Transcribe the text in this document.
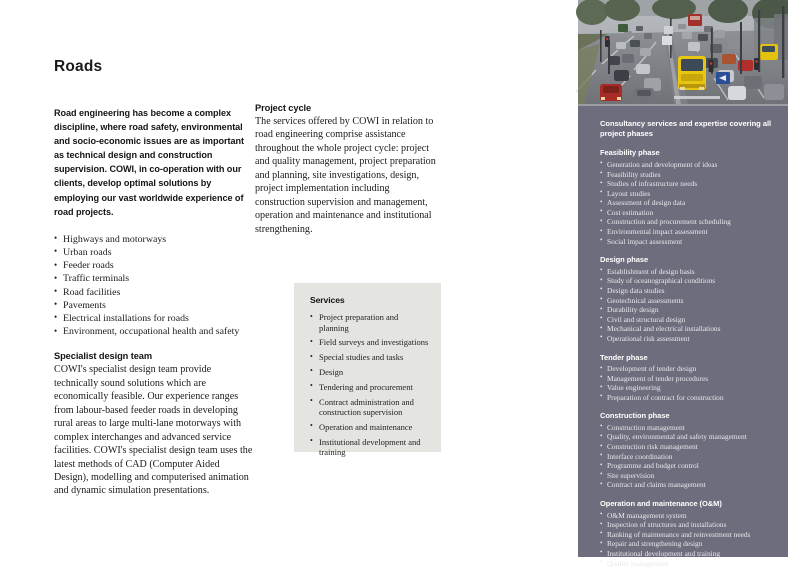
Roads

Road engineering has become a complex discipline, where road safety, environmental and socio-economic issues are as important as technical design and construction supervision. COWI, in co-operation with our clients, develop optimal solutions by employing our vast worldwide experience of road projects.

• Highways and motorways
• Urban roads
• Feeder roads
• Traffic terminals
• Road facilities
• Pavements
• Electrical installations for roads
• Environment, occupational health and safety
Specialist design team

COWI's specialist design team provide technically sound solutions which are economically feasible. Our experience ranges from labour-based feeder roads in developing rural areas to large multi-lane motorways with complex interchanges and advanced service facilities. COWI's specialist design team uses the latest methods of CAD (Computer Aided Design), modelling and computerised animation and dynamic simulation presentations.

Project cycle

The services offered by COWI in relation to road engineering comprise assistance throughout the whole project cycle: project and quality management, project preparation and planning, site investigations, design, project implementation including construction supervision and management, operation and maintenance and institutional strengthening.

Services
• Project preparation and planning
• Field surveys and investigations
• Special studies and tasks
• Design
• Tendering and procurement
• Contract administration and construction supervision
• Operation and maintenance
• Institutional development and training
Consultancy services and expertise covering all project phases
Feasibility phase
• Generation and development of ideas
• Feasibility studies
• Studies of infrastructure needs
• Layout studies
• Assessment of design data
• Cost estimation
• Construction and procurement scheduling
• Environmental impact assessment
• Social impact assessment
Design phase
• Establishment of design basis
• Study of oceanographical conditions
• Design data studies
• Geotechnical assessments
• Durability design
• Civil and structural design
• Mechanical and electrical installations
• Operational risk assessment
Tender phase
• Development of tender design
• Management of tender procedures
• Value engineering
• Preparation of contract for construction
Construction phase
• Construction management
• Quality, environmental and safety management
• Construction risk management
• Interface coordination
• Programme and budget control
• Site supervision
• Contract and claims management
Operation and maintenance (O&M)
• O&M management system
• Inspection of structures and installations
• Ranking of maintenance and reinvestment needs
• Repair and strengthening design
• Institutional development and training
• Quality management
